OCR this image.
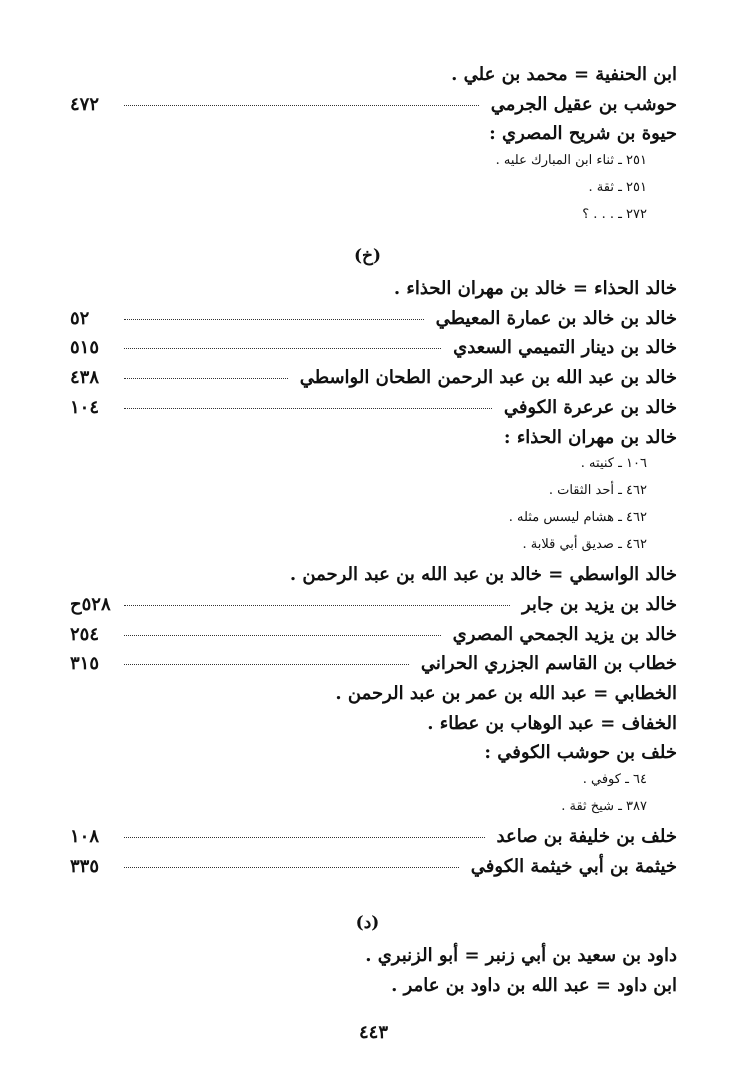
ابن الحنفية = محمد بن علي .
حوشب بن عقيل الجرمي
٤٧٢
حيوة بن شريح المصري :
٢٥١ ـ ثناء ابن المبارك عليه .
٢٥١ ـ ثقة .
٢٧٢ ـ . . . ؟
(خ)
خالد الحذاء = خالد بن مهران الحذاء .
خالد بن خالد بن عمارة المعيطي
٥٢
خالد بن دينار التميمي السعدي
٥١٥
خالد بن عبد الله بن عبد الرحمن الطحان الواسطي
٤٣٨
خالد بن عرعرة الكوفي
١٠٤
خالد بن مهران الحذاء :
١٠٦ ـ كنيته .
٤٦٢ ـ أحد الثقات .
٤٦٢ ـ هشام ليسس مثله .
٤٦٢ ـ صديق أبي قلابة .
خالد الواسطي = خالد بن عبد الله بن عبد الرحمن .
خالد بن يزيد بن جابر
٥٢٨ح
خالد بن يزيد الجمحي المصري
٢٥٤
خطاب بن القاسم الجزري الحراني
٣١٥
الخطابي = عبد الله بن عمر بن عبد الرحمن .
الخفاف = عبد الوهاب بن عطاء .
خلف بن حوشب الكوفي :
٦٤ ـ كوفي .
٣٨٧ ـ شيخ ثقة .
خلف بن خليفة بن صاعد
١٠٨
خيثمة بن أبي خيثمة الكوفي
٣٣٥
(د)
داود بن سعيد بن أبي زنبر = أبو الزنبري .
ابن داود = عبد الله بن داود بن عامر .
٤٤٣
